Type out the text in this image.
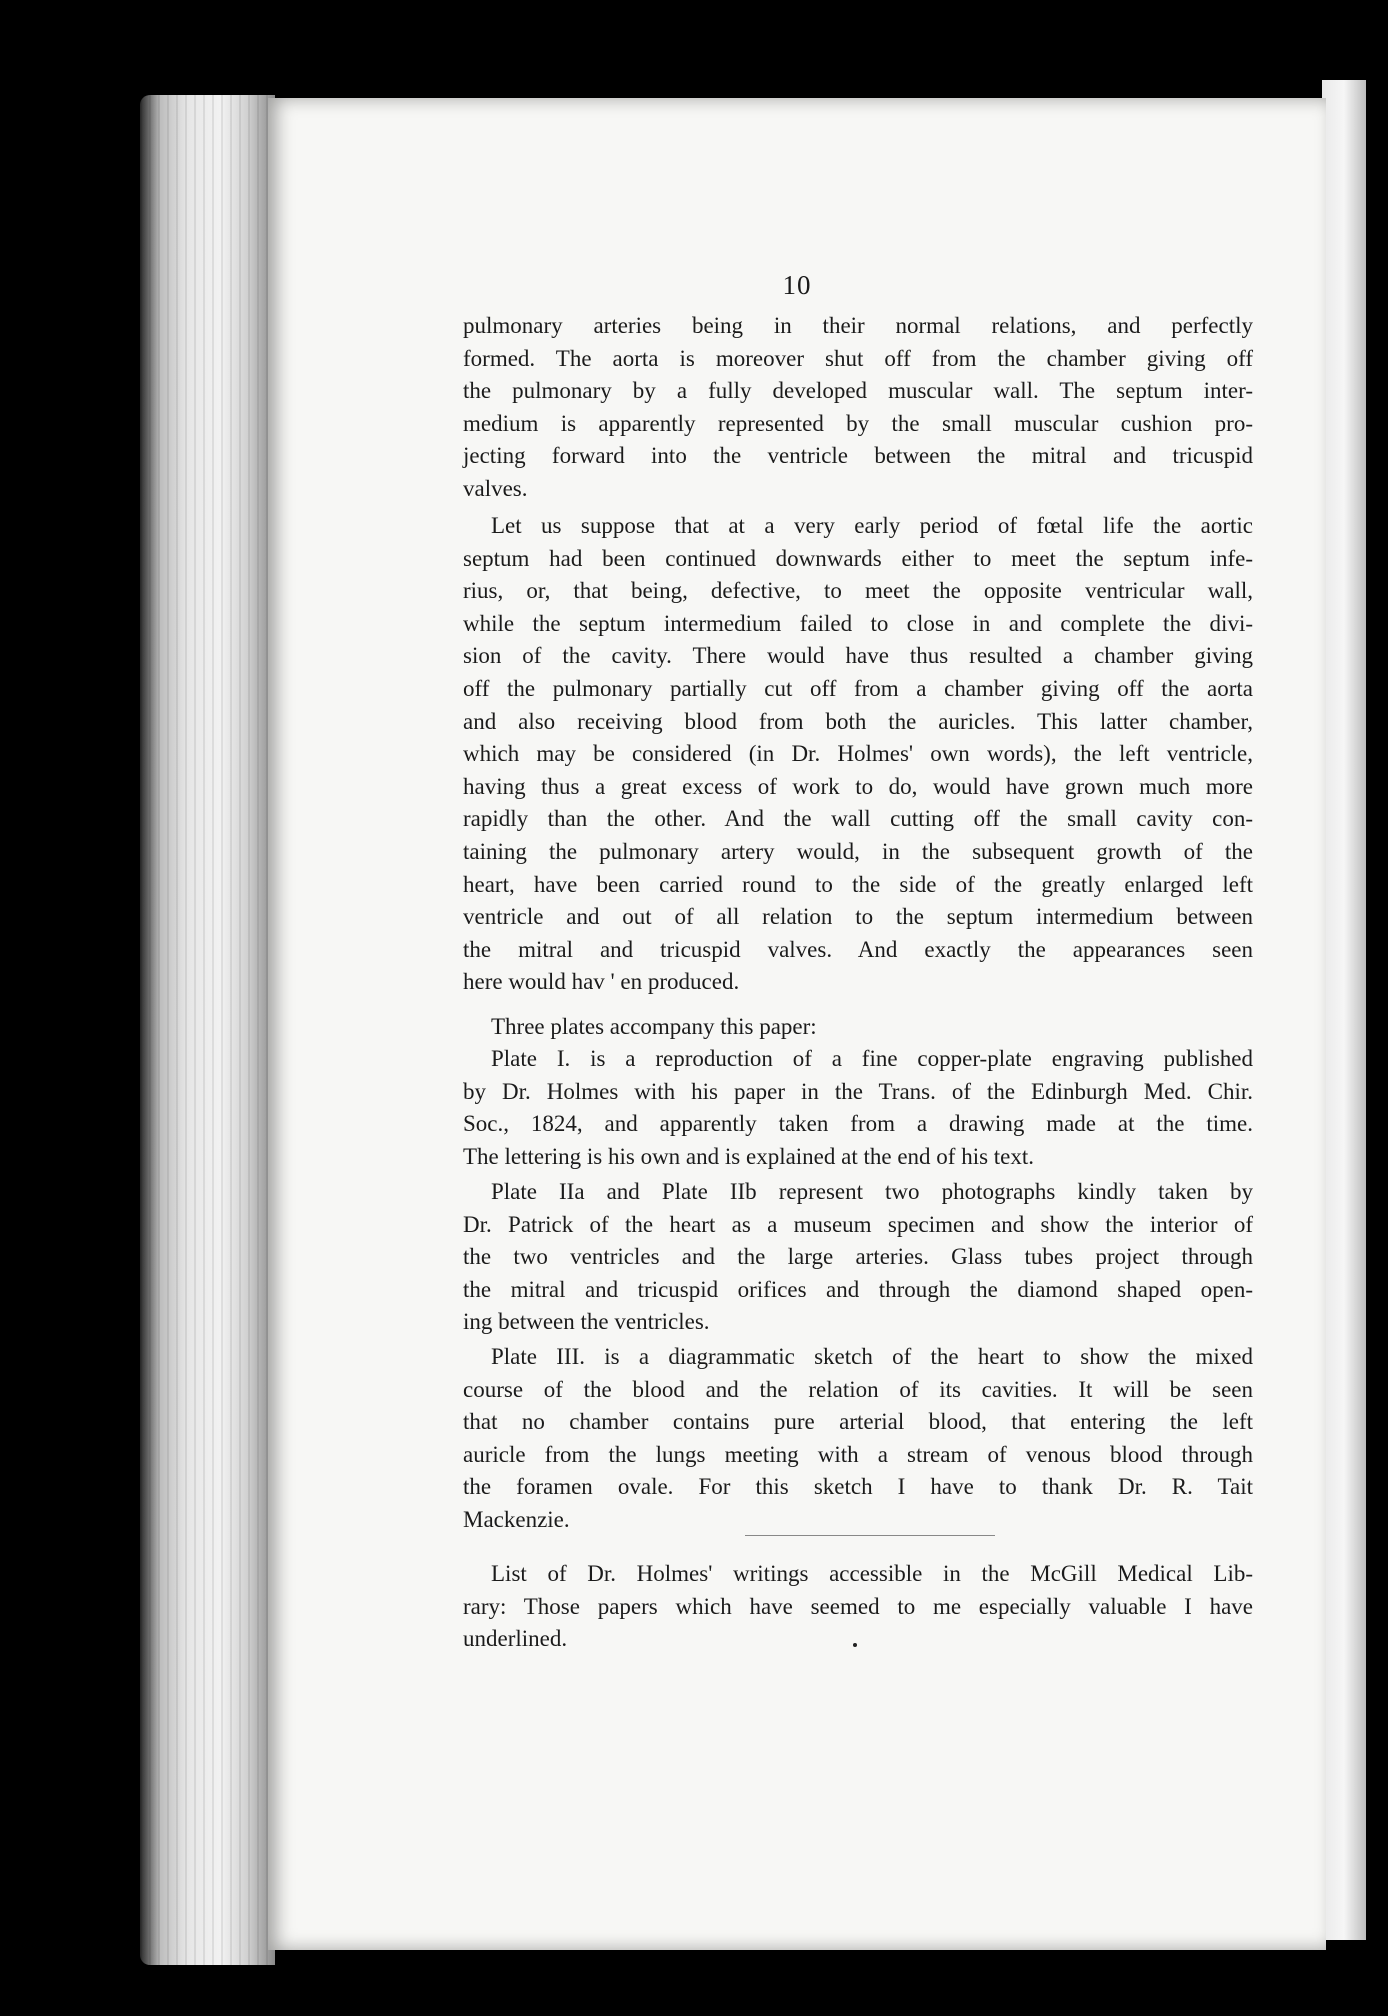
10
pulmonary arteries being in their normal relations, and perfectly
formed. The aorta is moreover shut off from the chamber giving off
the pulmonary by a fully developed muscular wall. The septum inter-
medium is apparently represented by the small muscular cushion pro-
jecting forward into the ventricle between the mitral and tricuspid
valves.
Let us suppose that at a very early period of fœtal life the aortic
septum had been continued downwards either to meet the septum infe-
rius, or, that being, defective, to meet the opposite ventricular wall,
while the septum intermedium failed to close in and complete the divi-
sion of the cavity. There would have thus resulted a chamber giving
off the pulmonary partially cut off from a chamber giving off the aorta
and also receiving blood from both the auricles. This latter chamber,
which may be considered (in Dr. Holmes' own words), the left ventricle,
having thus a great excess of work to do, would have grown much more
rapidly than the other. And the wall cutting off the small cavity con-
taining the pulmonary artery would, in the subsequent growth of the
heart, have been carried round to the side of the greatly enlarged left
ventricle and out of all relation to the septum intermedium between
the mitral and tricuspid valves. And exactly the appearances seen
here would hav ' en produced.
Three plates accompany this paper:
Plate I. is a reproduction of a fine copper-plate engraving published
by Dr. Holmes with his paper in the Trans. of the Edinburgh Med. Chir.
Soc., 1824, and apparently taken from a drawing made at the time.
The lettering is his own and is explained at the end of his text.
Plate IIa and Plate IIb represent two photographs kindly taken by
Dr. Patrick of the heart as a museum specimen and show the interior of
the two ventricles and the large arteries. Glass tubes project through
the mitral and tricuspid orifices and through the diamond shaped open-
ing between the ventricles.
Plate III. is a diagrammatic sketch of the heart to show the mixed
course of the blood and the relation of its cavities. It will be seen
that no chamber contains pure arterial blood, that entering the left
auricle from the lungs meeting with a stream of venous blood through
the foramen ovale. For this sketch I have to thank Dr. R. Tait
Mackenzie.
List of Dr. Holmes' writings accessible in the McGill Medical Lib-
rary: Those papers which have seemed to me especially valuable I have
underlined.
